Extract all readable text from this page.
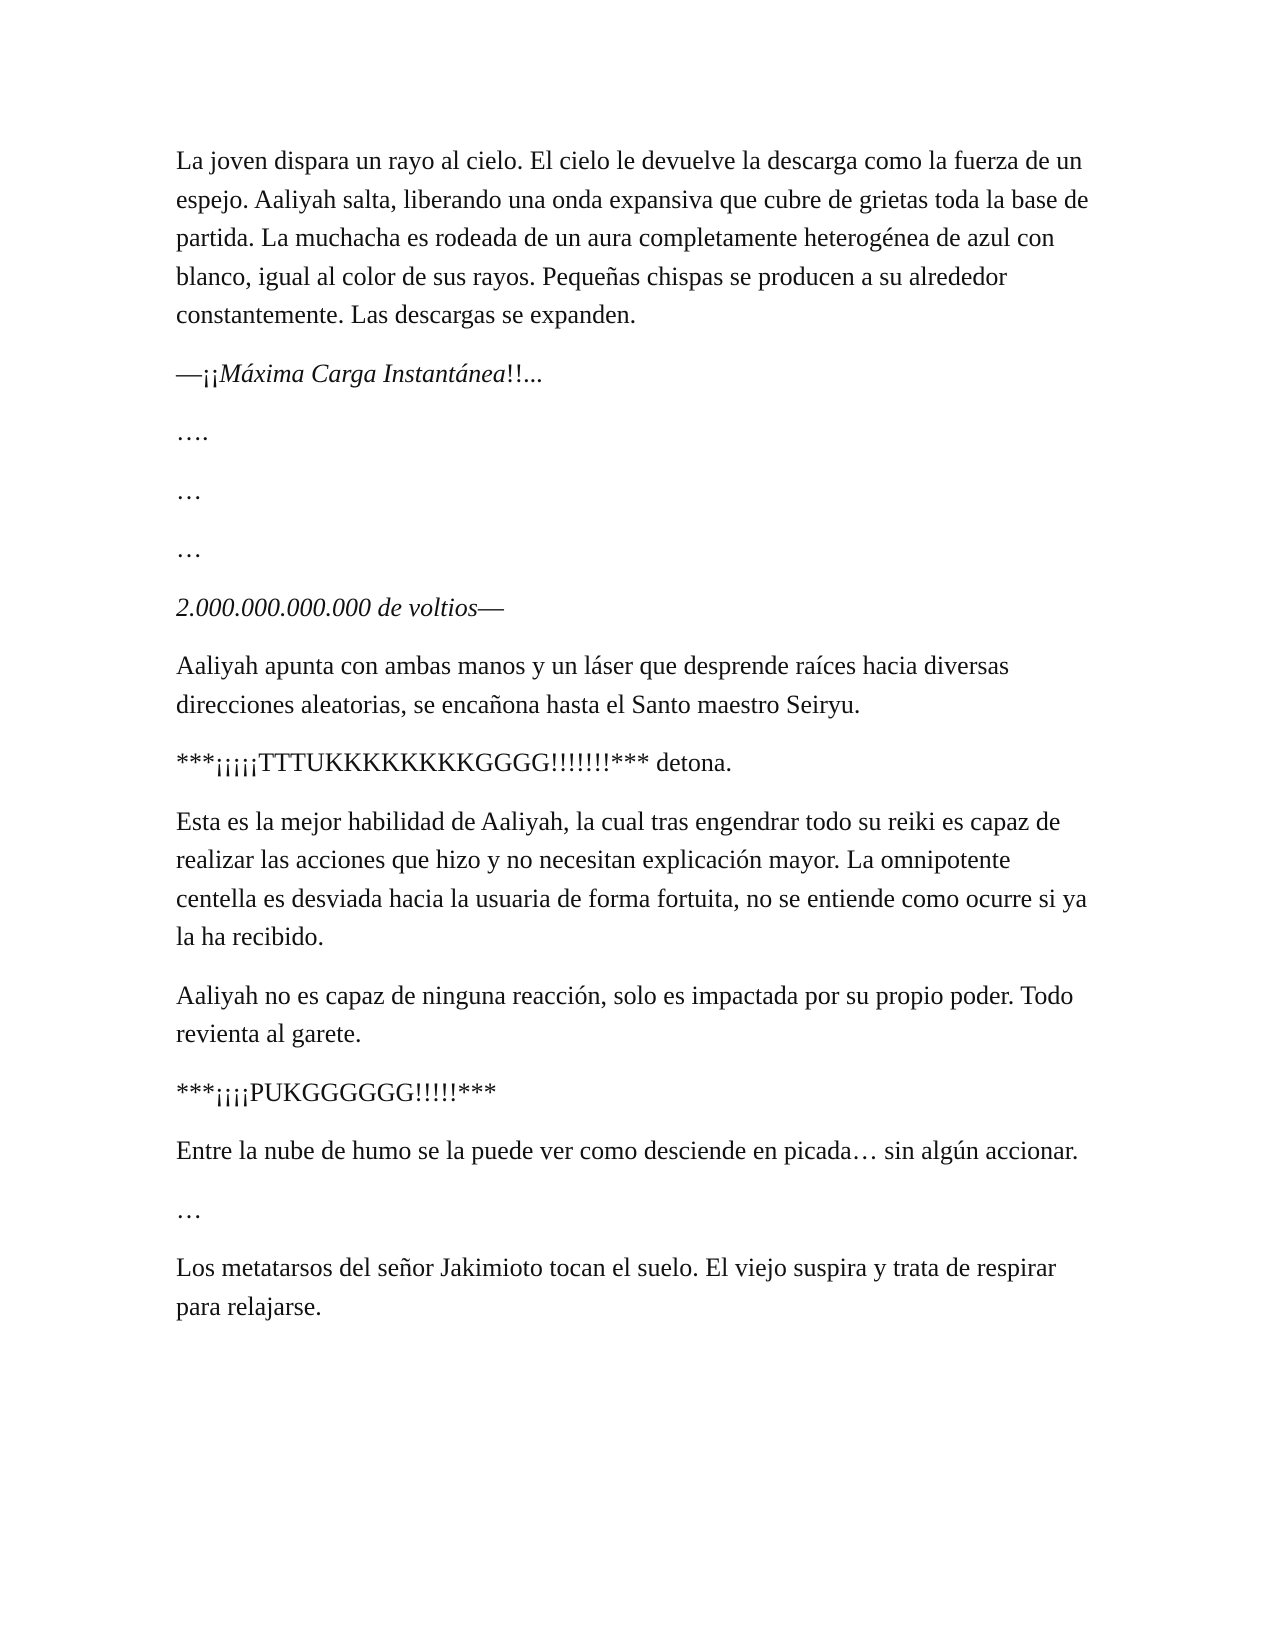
La joven dispara un rayo al cielo. El cielo le devuelve la descarga como la fuerza de un espejo. Aaliyah salta, liberando una onda expansiva que cubre de grietas toda la base de partida. La muchacha es rodeada de un aura completamente heterogénea de azul con blanco, igual al color de sus rayos. Pequeñas chispas se producen a su alrededor constantemente. Las descargas se expanden.

—¡¡Máxima Carga Instantánea!!...

….

…

…

2.000.000.000.000 de voltios—

Aaliyah apunta con ambas manos y un láser que desprende raíces hacia diversas direcciones aleatorias, se encañona hasta el Santo maestro Seiryu.

***¡¡¡¡¡TTTUKKKKKKKKGGGG!!!!!!!*** detona.

Esta es la mejor habilidad de Aaliyah, la cual tras engendrar todo su reiki es capaz de realizar las acciones que hizo y no necesitan explicación mayor. La omnipotente centella es desviada hacia la usuaria de forma fortuita, no se entiende como ocurre si ya la ha recibido.

Aaliyah no es capaz de ninguna reacción, solo es impactada por su propio poder. Todo revienta al garete.

***¡¡¡¡PUKGGGGGG!!!!!***

Entre la nube de humo se la puede ver como desciende en picada… sin algún accionar.

…

Los metatarsos del señor Jakimioto tocan el suelo. El viejo suspira y trata de respirar para relajarse.
